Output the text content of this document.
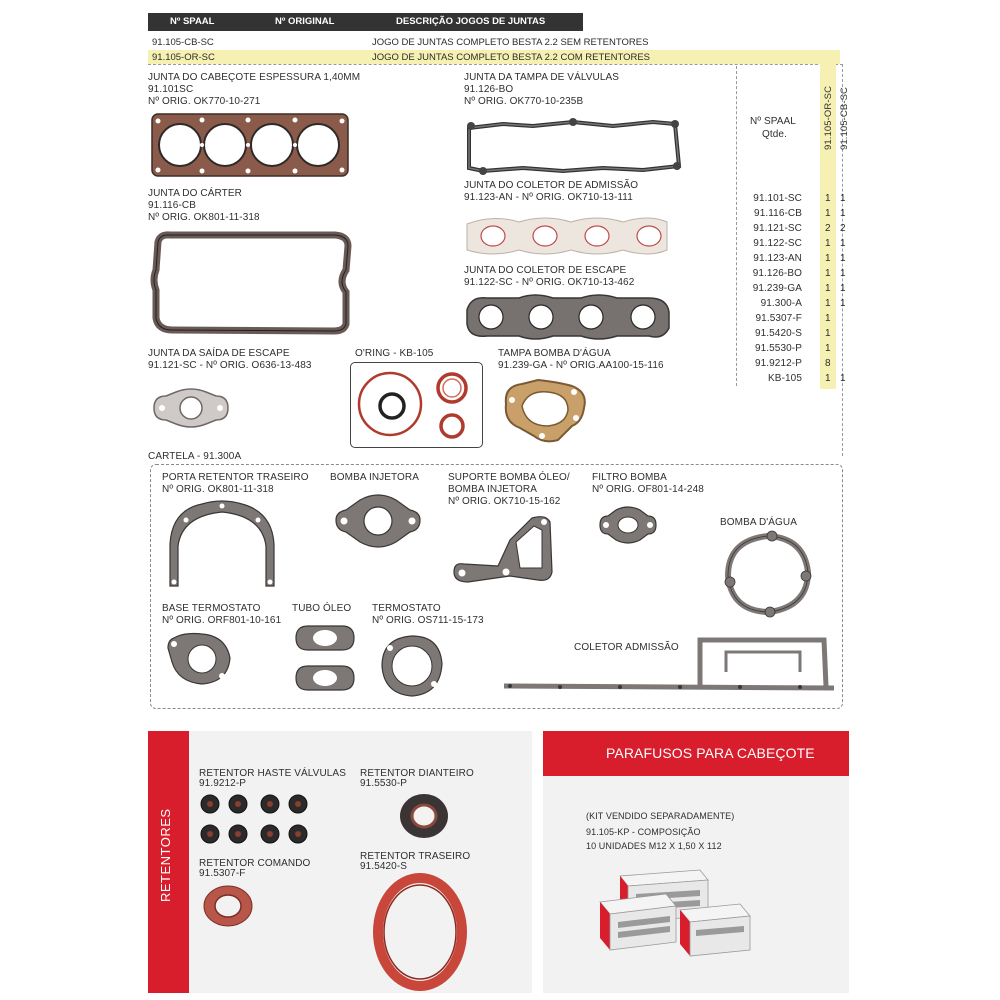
Nº SPAAL	Nº ORIGINAL	DESCRIÇÃO JOGOS DE JUNTAS
91.105-CB-SC	JOGO DE JUNTAS COMPLETO BESTA 2.2 SEM RETENTORES
91.105-OR-SC	JOGO DE JUNTAS COMPLETO BESTA 2.2 COM RETENTORES
JUNTA DO CABEÇOTE ESPESSURA 1,40MM
91.101SC
Nº ORIG. OK770-10-271
JUNTA DA TAMPA DE VÁLVULAS
91.126-BO
Nº ORIG. OK770-10-235B
JUNTA DO CÁRTER
91.116-CB
Nº ORIG. OK801-11-318
JUNTA DO COLETOR DE ADMISSÃO
91.123-AN - Nº ORIG. OK710-13-111
JUNTA DO COLETOR DE ESCAPE
91.122-SC - Nº ORIG. OK710-13-462
JUNTA DA SAÍDA DE ESCAPE
91.121-SC - Nº ORIG. O636-13-483
O'RING - KB-105	TAMPA BOMBA D'ÁGUA
91.239-GA - Nº ORIG.AA100-15-116
Nº SPAAL
Qtde.	91.105-OR-SC 91.105-CB-SC
91.101-SC 1 1
91.116-CB 1 1
91.121-SC 2 2
91.122-SC 1 1
91.123-AN 1 1
91.126-BO 1 1
91.239-GA 1 1
91.300-A 1 1
91.5307-F 1
91.5420-S 1
91.5530-P 1
91.9212-P 8
KB-105 1 1
CARTELA - 91.300A
PORTA RETENTOR TRASEIRO
Nº ORIG. OK801-11-318
BOMBA INJETORA	SUPORTE BOMBA ÓLEO/
BOMBA INJETORA
Nº ORIG. OK710-15-162
FILTRO BOMBA
Nº ORIG. OF801-14-248
BOMBA D'ÁGUA
BASE TERMOSTATO
Nº ORIG. ORF801-10-161
TUBO ÓLEO TERMOSTATO
Nº ORIG. OS711-15-173
COLETOR ADMISSÃO
RETENTORES
RETENTOR HASTE VÁLVULAS
91.9212-P
RETENTOR DIANTEIRO
91.5530-P
RETENTOR COMANDO
91.5307-F
RETENTOR TRASEIRO
91.5420-S
PARAFUSOS PARA CABEÇOTE
(KIT VENDIDO SEPARADAMENTE)
91.105-KP - COMPOSIÇÃO
10 UNIDADES M12 X 1,50 X 112
